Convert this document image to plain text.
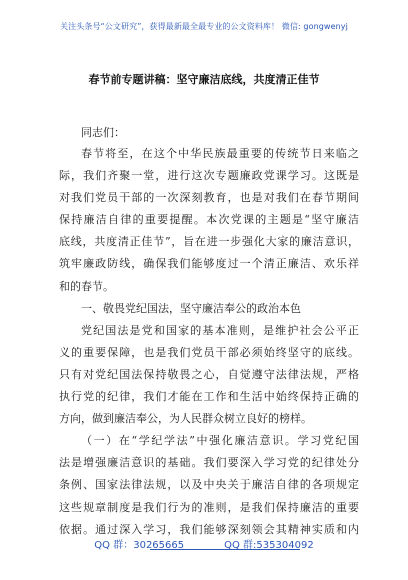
关注头条号“公文研究”，获得最新最全最专业的公文资料库！ 微信: gongwenyj
春节前专题讲稿：坚守廉洁底线，共度清正佳节
同志们：
春节将至，在这个中华民族最重要的传统节日来临之
际，我们齐聚一堂，进行这次专题廉政党课学习。这既是
对我们党员干部的一次深刻教育，也是对我们在春节期间
保持廉洁自律的重要提醒。本次党课的主题是“坚守廉洁
底线，共度清正佳节”，旨在进一步强化大家的廉洁意识，
筑牢廉政防线，确保我们能够度过一个清正廉洁、欢乐祥
和的春节。
一、敬畏党纪国法，坚守廉洁奉公的政治本色
党纪国法是党和国家的基本准则，是维护社会公平正
义的重要保障，也是我们党员干部必须始终坚守的底线。
只有对党纪国法保持敬畏之心，自觉遵守法律法规，严格
执行党的纪律，我们才能在工作和生活中始终保持正确的
方向，做到廉洁奉公，为人民群众树立良好的榜样。
（一）在“学纪学法”中强化廉洁意识。学习党纪国
法是增强廉洁意识的基础。我们要深入学习党的纪律处分
条例、国家法律法规，以及中央关于廉洁自律的各项规定
这些规章制度是我们行为的准则，是我们保持廉洁的重要
依据。通过深入学习，我们能够深刻领会其精神实质和内
QQ 群：30265665	QQ 群:535304092
